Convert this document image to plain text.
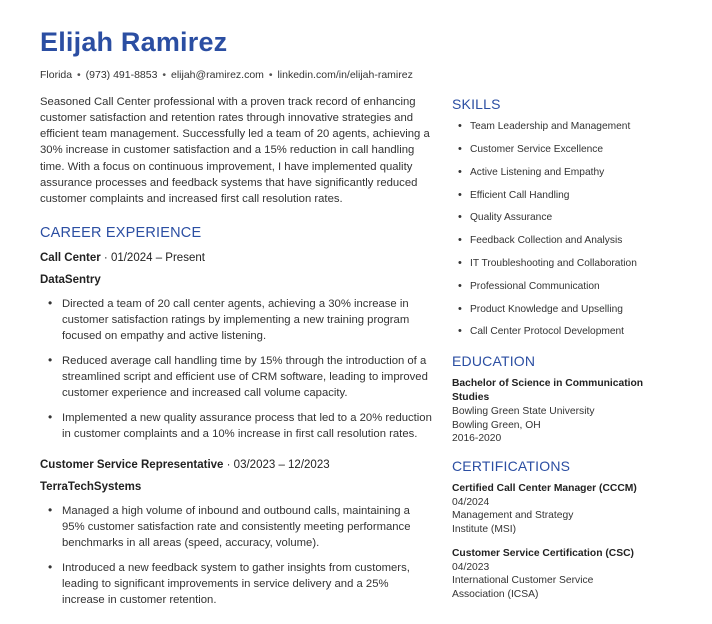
Elijah Ramirez
Florida • (973) 491-8853 • elijah@ramirez.com • linkedin.com/in/elijah-ramirez
Seasoned Call Center professional with a proven track record of enhancing customer satisfaction and retention rates through innovative strategies and efficient team management. Successfully led a team of 20 agents, achieving a 30% increase in customer satisfaction and a 15% reduction in call handling time. With a focus on continuous improvement, I have implemented quality assurance processes and feedback systems that have significantly reduced customer complaints and increased first call resolution rates.
CAREER EXPERIENCE
Call Center · 01/2024 – Present
DataSentry
• Directed a team of 20 call center agents, achieving a 30% increase in customer satisfaction ratings by implementing a new training program focused on empathy and active listening.
• Reduced average call handling time by 15% through the introduction of a streamlined script and efficient use of CRM software, leading to improved customer experience and increased call volume capacity.
• Implemented a new quality assurance process that led to a 20% reduction in customer complaints and a 10% increase in first call resolution rates.
Customer Service Representative · 03/2023 – 12/2023
TerraTechSystems
• Managed a high volume of inbound and outbound calls, maintaining a 95% customer satisfaction rate and consistently meeting performance benchmarks in all areas (speed, accuracy, volume).
• Introduced a new feedback system to gather insights from customers, leading to significant improvements in service delivery and a 25% increase in customer retention.
SKILLS
• Team Leadership and Management
• Customer Service Excellence
• Active Listening and Empathy
• Efficient Call Handling
• Quality Assurance
• Feedback Collection and Analysis
• IT Troubleshooting and Collaboration
• Professional Communication
• Product Knowledge and Upselling
• Call Center Protocol Development
EDUCATION
Bachelor of Science in Communication Studies
Bowling Green State University
Bowling Green, OH
2016-2020
CERTIFICATIONS
Certified Call Center Manager (CCCM)
04/2024
Management and Strategy
Institute (MSI)
Customer Service Certification (CSC)
04/2023
International Customer Service
Association (ICSA)
